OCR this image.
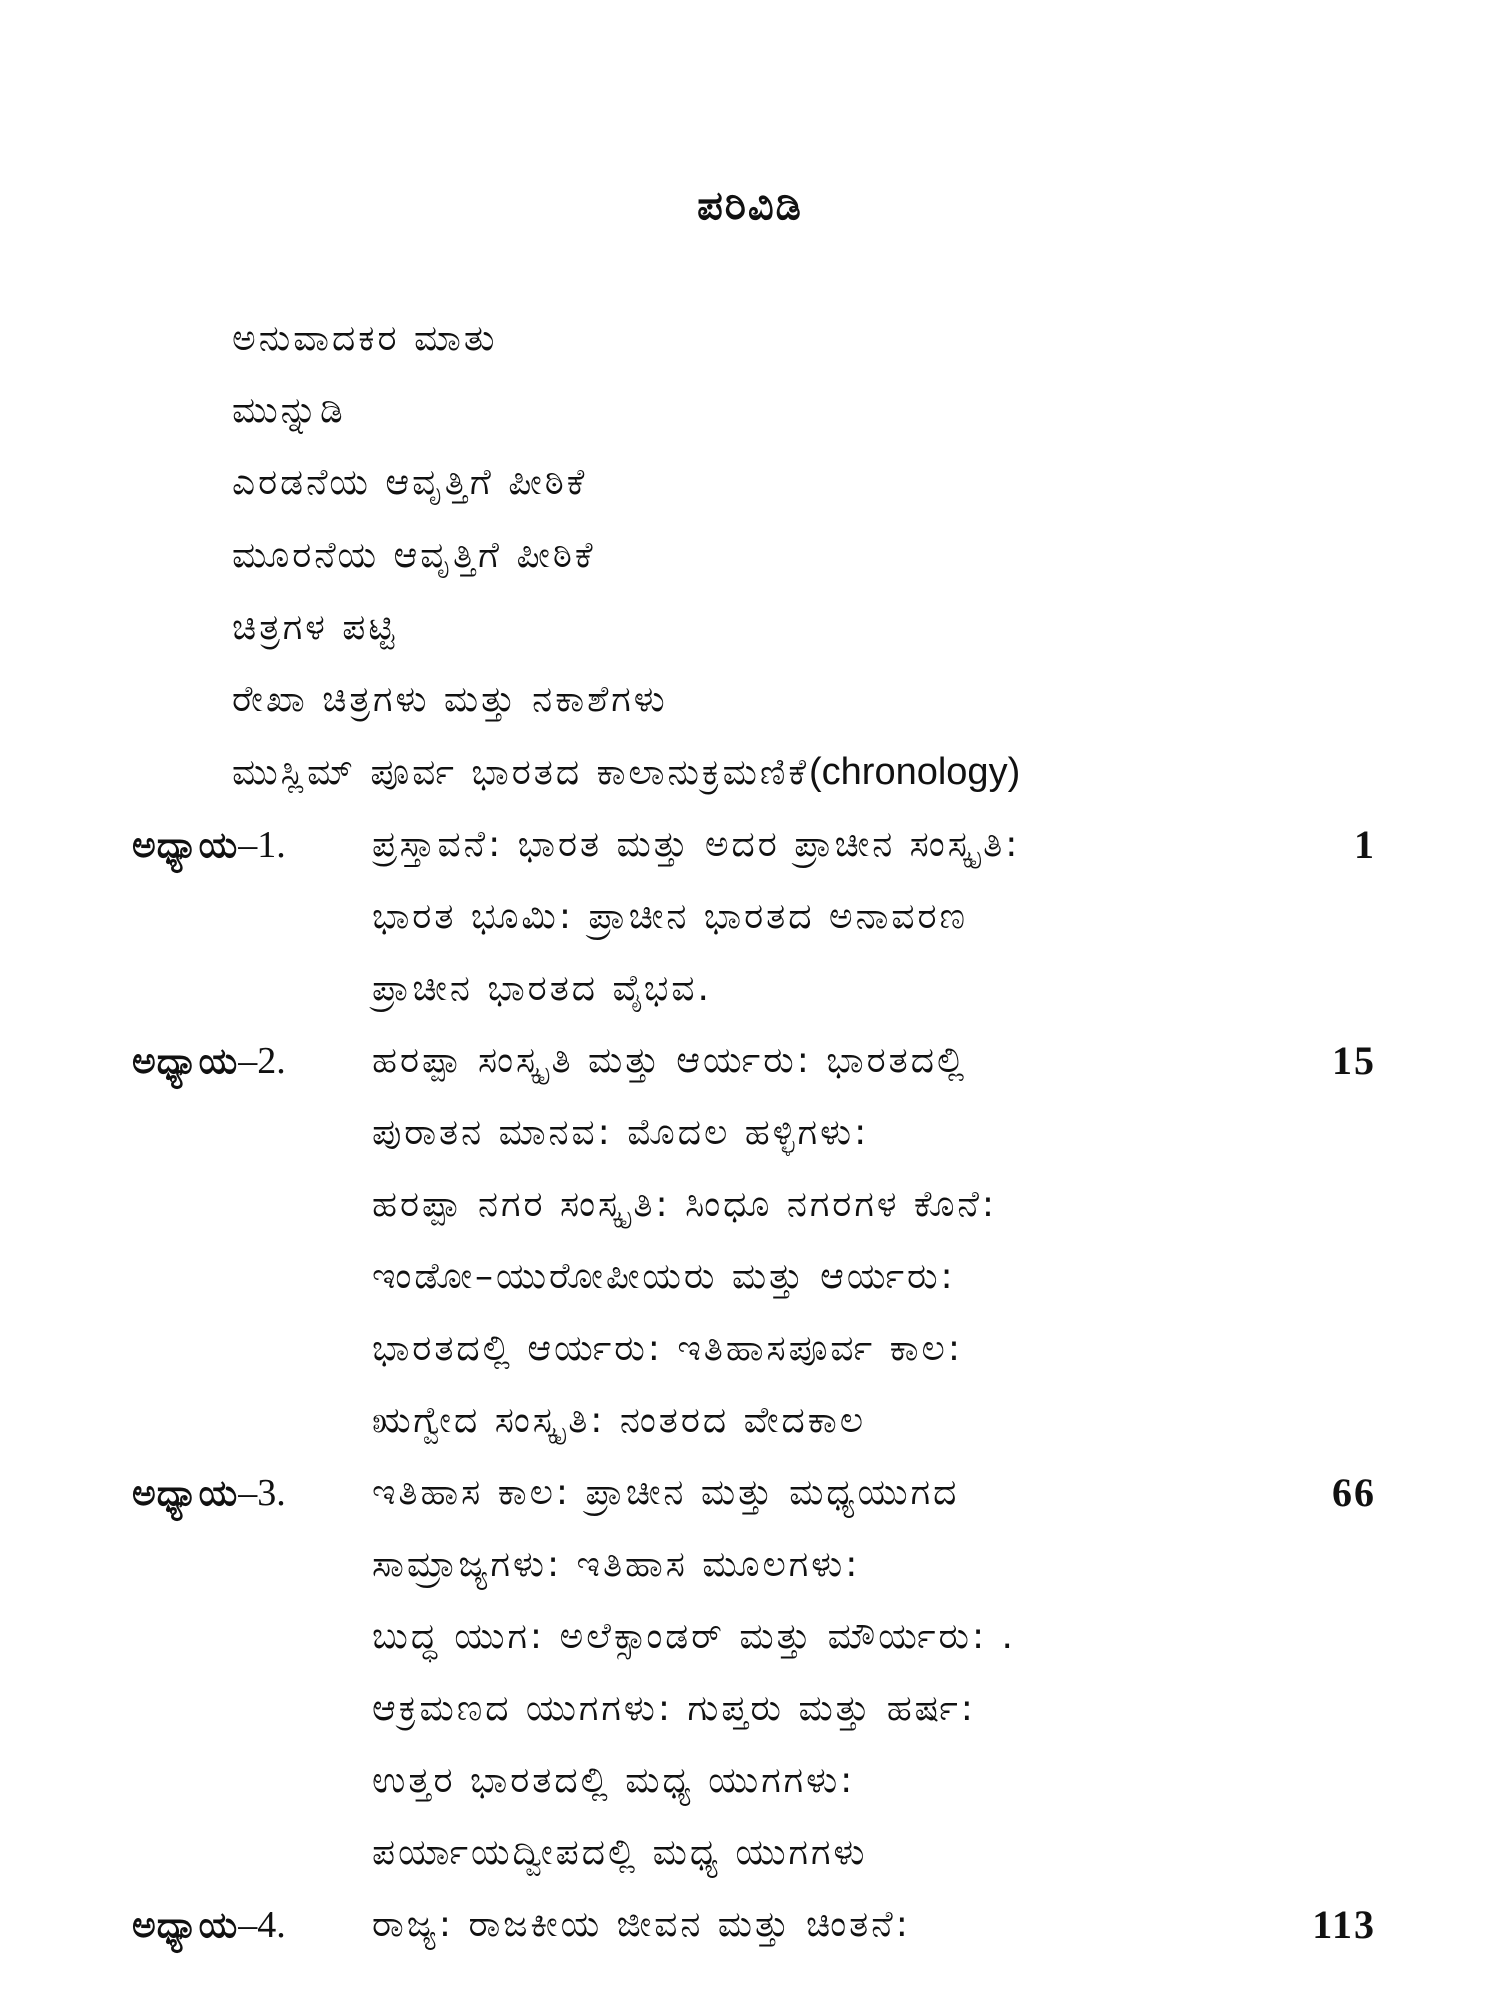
ಪರಿವಿಡಿ
ಅನುವಾದಕರ ಮಾತು
ಮುನ್ನುಡಿ
ಎರಡನೆಯ ಆವೃತ್ತಿಗೆ ಪೀಠಿಕೆ
ಮೂರನೆಯ ಆವೃತ್ತಿಗೆ ಪೀಠಿಕೆ
ಚಿತ್ರಗಳ ಪಟ್ಟಿ
ರೇಖಾ ಚಿತ್ರಗಳು ಮತ್ತು ನಕಾಶೆಗಳು
ಮುಸ್ಲಿಮ್ ಪೂರ್ವ ಭಾರತದ ಕಾಲಾನುಕ್ರಮಣಿಕೆ(chronology)
ಅಧ್ಯಾಯ–1. ಪ್ರಸ್ತಾವನೆ: ಭಾರತ ಮತ್ತು ಅದರ ಪ್ರಾಚೀನ ಸಂಸ್ಕೃತಿ:	1
ಭಾರತ ಭೂಮಿ: ಪ್ರಾಚೀನ ಭಾರತದ ಅನಾವರಣ
ಪ್ರಾಚೀನ ಭಾರತದ ವೈಭವ.
ಅಧ್ಯಾಯ–2. ಹರಪ್ಪಾ ಸಂಸ್ಕೃತಿ ಮತ್ತು ಆರ್ಯರು: ಭಾರತದಲ್ಲಿ	15
ಪುರಾತನ ಮಾನವ: ಮೊದಲ ಹಳ್ಳಿಗಳು:
ಹರಪ್ಪಾ ನಗರ ಸಂಸ್ಕೃತಿ: ಸಿಂಧೂ ನಗರಗಳ ಕೊನೆ:
ಇಂಡೋ–ಯುರೋಪೀಯರು ಮತ್ತು ಆರ್ಯರು:
ಭಾರತದಲ್ಲಿ ಆರ್ಯರು: ಇತಿಹಾಸಪೂರ್ವ ಕಾಲ:
ಋಗ್ವೇದ ಸಂಸ್ಕೃತಿ: ನಂತರದ ವೇದಕಾಲ
ಅಧ್ಯಾಯ–3. ಇತಿಹಾಸ ಕಾಲ: ಪ್ರಾಚೀನ ಮತ್ತು ಮಧ್ಯಯುಗದ	66
ಸಾಮ್ರಾಜ್ಯಗಳು: ಇತಿಹಾಸ ಮೂಲಗಳು:
ಬುದ್ಧ ಯುಗ: ಅಲೆಕ್ಸಾಂಡರ್ ಮತ್ತು ಮೌರ್ಯರು: .
ಆಕ್ರಮಣದ ಯುಗಗಳು: ಗುಪ್ತರು ಮತ್ತು ಹರ್ಷ:
ಉತ್ತರ ಭಾರತದಲ್ಲಿ ಮಧ್ಯ ಯುಗಗಳು:
ಪರ್ಯಾಯದ್ವೀಪದಲ್ಲಿ ಮಧ್ಯ ಯುಗಗಳು
ಅಧ್ಯಾಯ–4. ರಾಜ್ಯ: ರಾಜಕೀಯ ಜೀವನ ಮತ್ತು ಚಿಂತನೆ:	113
